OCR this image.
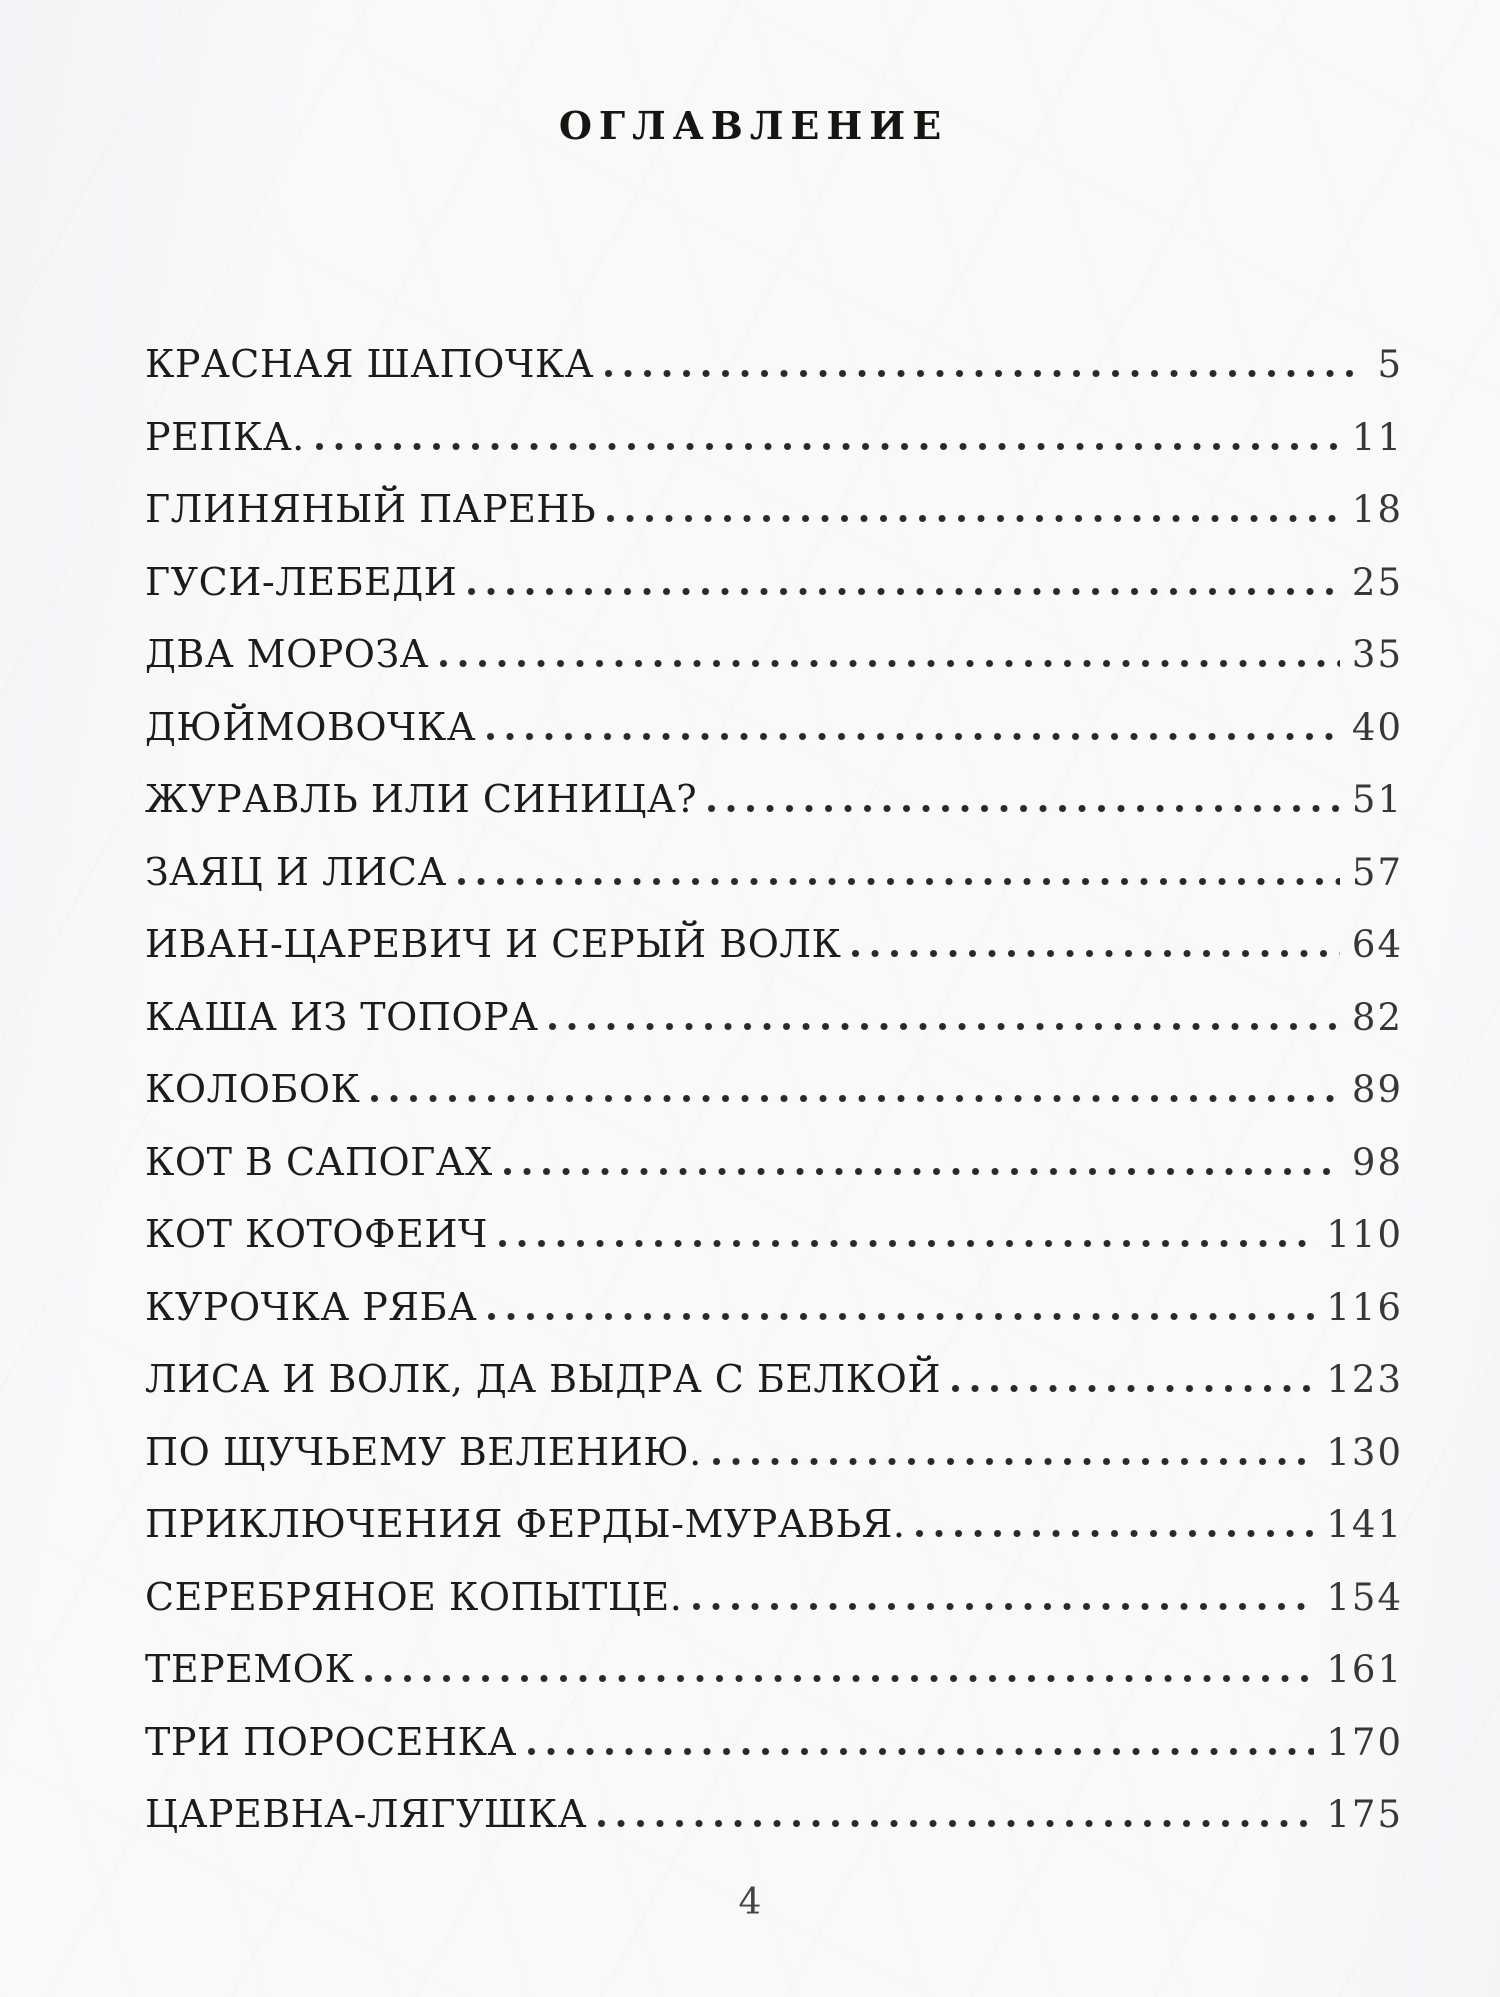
ОГЛАВЛЕНИЕ
КРАСНАЯ ШАПОЧКА	5
РЕПКА.	11
ГЛИНЯНЫЙ ПАРЕНЬ	18
ГУСИ-ЛЕБЕДИ	25
ДВА МОРОЗА	35
ДЮЙМОВОЧКА	40
ЖУРАВЛЬ ИЛИ СИНИЦА?	51
ЗАЯЦ И ЛИСА	57
ИВАН-ЦАРЕВИЧ И СЕРЫЙ ВОЛК	64
КАША ИЗ ТОПОРА	82
КОЛОБОК	89
КОТ В САПОГАХ	98
КОТ КОТОФЕИЧ	110
КУРОЧКА РЯБА	116
ЛИСА И ВОЛК, ДА ВЫДРА С БЕЛКОЙ	123
ПО ЩУЧЬЕМУ ВЕЛЕНИЮ.	130
ПРИКЛЮЧЕНИЯ ФЕРДЫ-МУРАВЬЯ.	141
СЕРЕБРЯНОЕ КОПЫТЦЕ.	154
ТЕРЕМОК	161
ТРИ ПОРОСЕНКА	170
ЦАРЕВНА-ЛЯГУШКА	175
4
